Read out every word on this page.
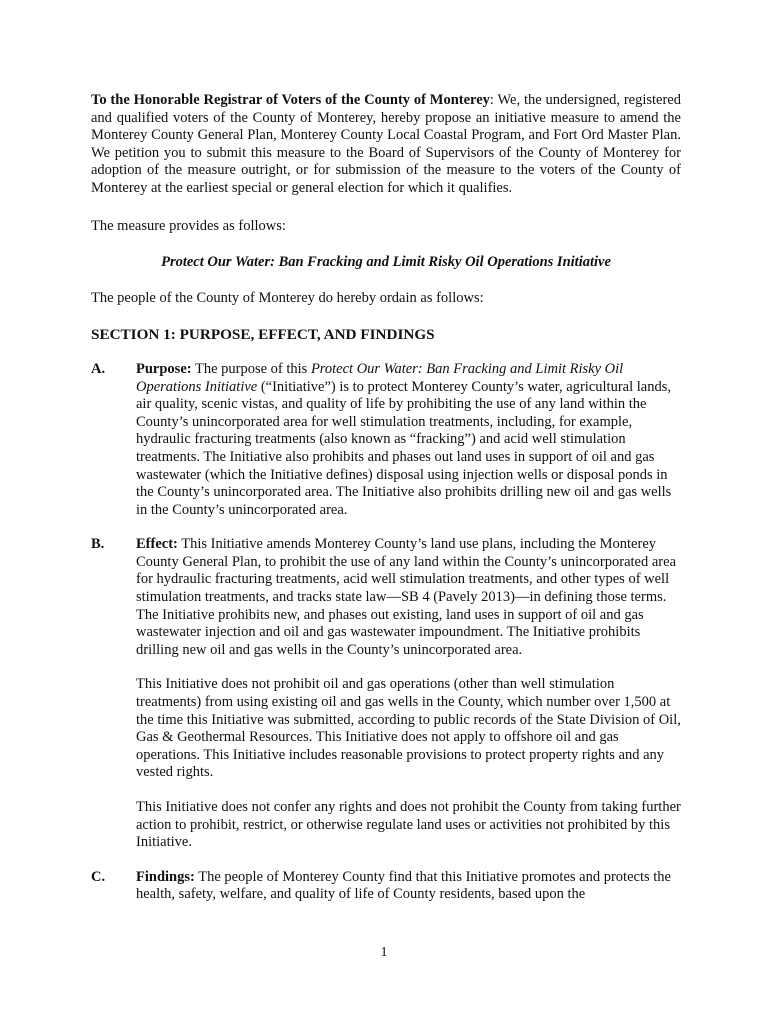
To the Honorable Registrar of Voters of the County of Monterey: We, the undersigned, registered and qualified voters of the County of Monterey, hereby propose an initiative measure to amend the Monterey County General Plan, Monterey County Local Coastal Program, and Fort Ord Master Plan. We petition you to submit this measure to the Board of Supervisors of the County of Monterey for adoption of the measure outright, or for submission of the measure to the voters of the County of Monterey at the earliest special or general election for which it qualifies.

The measure provides as follows:

Protect Our Water: Ban Fracking and Limit Risky Oil Operations Initiative

The people of the County of Monterey do hereby ordain as follows:

SECTION 1: PURPOSE, EFFECT, AND FINDINGS

A. Purpose: The purpose of this Protect Our Water: Ban Fracking and Limit Risky Oil Operations Initiative (“Initiative”) is to protect Monterey County’s water, agricultural lands, air quality, scenic vistas, and quality of life by prohibiting the use of any land within the County’s unincorporated area for well stimulation treatments, including, for example, hydraulic fracturing treatments (also known as “fracking”) and acid well stimulation treatments. The Initiative also prohibits and phases out land uses in support of oil and gas wastewater (which the Initiative defines) disposal using injection wells or disposal ponds in the County’s unincorporated area. The Initiative also prohibits drilling new oil and gas wells in the County’s unincorporated area.

B. Effect: This Initiative amends Monterey County’s land use plans, including the Monterey County General Plan, to prohibit the use of any land within the County’s unincorporated area for hydraulic fracturing treatments, acid well stimulation treatments, and other types of well stimulation treatments, and tracks state law—SB 4 (Pavely 2013)—in defining those terms. The Initiative prohibits new, and phases out existing, land uses in support of oil and gas wastewater injection and oil and gas wastewater impoundment. The Initiative prohibits drilling new oil and gas wells in the County’s unincorporated area.

This Initiative does not prohibit oil and gas operations (other than well stimulation treatments) from using existing oil and gas wells in the County, which number over 1,500 at the time this Initiative was submitted, according to public records of the State Division of Oil, Gas & Geothermal Resources. This Initiative does not apply to offshore oil and gas operations. This Initiative includes reasonable provisions to protect property rights and any vested rights.

This Initiative does not confer any rights and does not prohibit the County from taking further action to prohibit, restrict, or otherwise regulate land uses or activities not prohibited by this Initiative.

C. Findings: The people of Monterey County find that this Initiative promotes and protects the health, safety, welfare, and quality of life of County residents, based upon the

1
